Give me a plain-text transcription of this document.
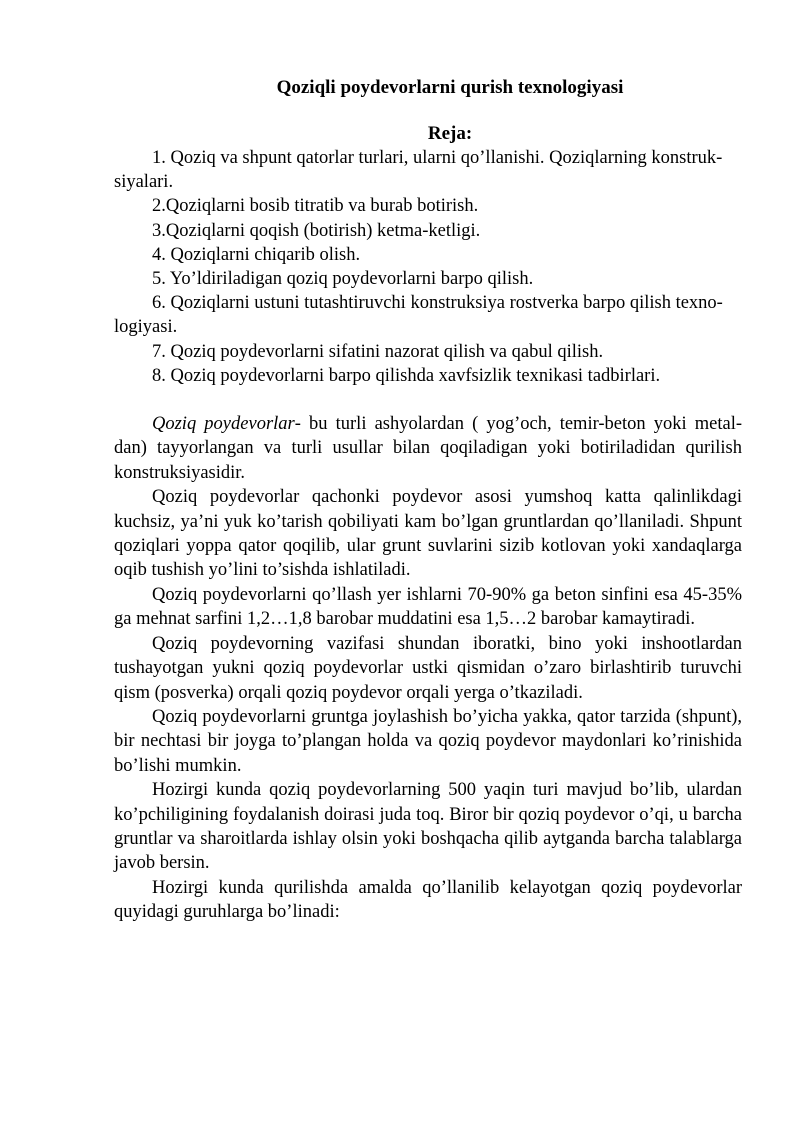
Qoziqli poydevorlarni qurish texnologiyasi

Reja:

1. Qoziq va shpunt qatorlar turlari, ularni qo’llanishi. Qoziqlarning konstruk-siyalari.

2.Qoziqlarni bosib titratib va burab botirish.

3.Qoziqlarni qoqish (botirish) ketma-ketligi.

4. Qoziqlarni chiqarib olish.

5. Yo’ldiriladigan qoziq poydevorlarni barpo qilish.

6. Qoziqlarni ustuni tutashtiruvchi konstruksiya rostverka barpo qilish texno-logiyasi.

7. Qoziq poydevorlarni sifatini nazorat qilish va qabul qilish.

8. Qoziq poydevorlarni barpo qilishda xavfsizlik texnikasi tadbirlari.

Qoziq poydevorlar- bu turli ashyolardan ( yog’och, temir-beton yoki metal-dan) tayyorlangan va turli usullar bilan qoqiladigan yoki botiriladidan qurilish konstruksiyasidir.

Qoziq poydevorlar qachonki poydevor asosi yumshoq katta qalinlikdagi kuchsiz, ya’ni yuk ko’tarish qobiliyati kam bo’lgan gruntlardan qo’llaniladi. Shpunt qoziqlari yoppa qator qoqilib, ular grunt suvlarini sizib kotlovan yoki xandaqlarga oqib tushish yo’lini to’sishda ishlatiladi.

Qoziq poydevorlarni qo’llash yer ishlarni 70-90% ga beton sinfini esa 45-35% ga mehnat sarfini 1,2…1,8 barobar muddatini esa 1,5…2 barobar kamaytiradi.

Qoziq poydevorning vazifasi shundan iboratki, bino yoki inshootlardan tushayotgan yukni qoziq poydevorlar ustki qismidan o’zaro birlashtirib turuvchi qism (posverka) orqali qoziq poydevor orqali yerga o’tkaziladi.

Qoziq poydevorlarni gruntga joylashish bo’yicha yakka, qator tarzida (shpunt), bir nechtasi bir joyga to’plangan holda va qoziq poydevor maydonlari ko’rinishida bo’lishi mumkin.

Hozirgi kunda qoziq poydevorlarning 500 yaqin turi mavjud bo’lib, ulardan ko’pchiligining foydalanish doirasi juda toq. Biror bir qoziq poydevor o’qi, u barcha gruntlar va sharoitlarda ishlay olsin yoki boshqacha qilib aytganda barcha talablarga javob bersin.

Hozirgi kunda qurilishda amalda qo’llanilib kelayotgan qoziq poydevorlar quyidagi guruhlarga bo’linadi:
